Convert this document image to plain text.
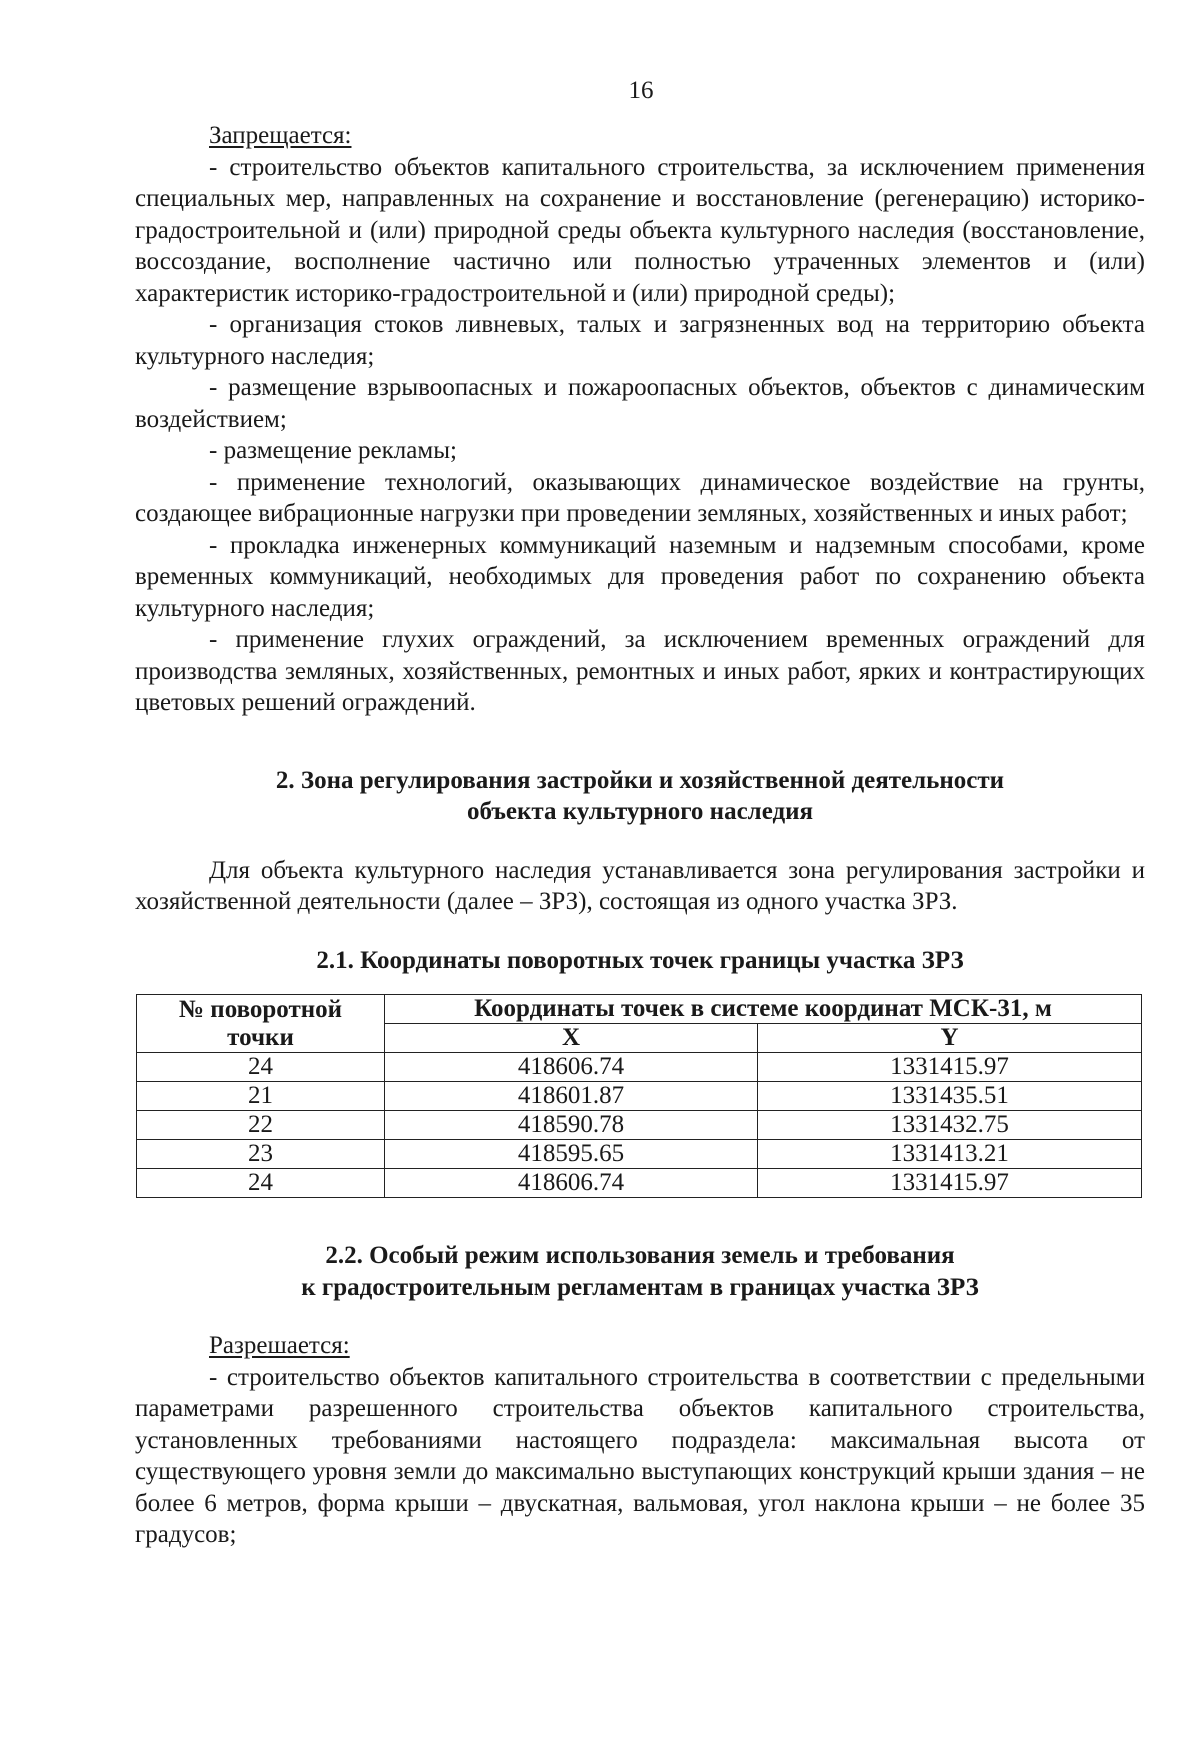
16

Запрещается:

- строительство объектов капитального строительства, за исключением применения специальных мер, направленных на сохранение и восстановление (регенерацию) историко-градостроительной и (или) природной среды объекта культурного наследия (восстановление, воссоздание, восполнение частично или полностью утраченных элементов и (или) характеристик историко-градостроительной и (или) природной среды);

- организация стоков ливневых, талых и загрязненных вод на территорию объекта культурного наследия;

- размещение взрывоопасных и пожароопасных объектов, объектов с динамическим воздействием;

- размещение рекламы;

- применение технологий, оказывающих динамическое воздействие на грунты, создающее вибрационные нагрузки при проведении земляных, хозяйственных и иных работ;

- прокладка инженерных коммуникаций наземным и надземным способами, кроме временных коммуникаций, необходимых для проведения работ по сохранению объекта культурного наследия;

- применение глухих ограждений, за исключением временных ограждений для производства земляных, хозяйственных, ремонтных и иных работ, ярких и контрастирующих цветовых решений ограждений.

2. Зона регулирования застройки и хозяйственной деятельности
объекта культурного наследия

Для объекта культурного наследия устанавливается зона регулирования застройки и хозяйственной деятельности (далее – ЗРЗ), состоящая из одного участка ЗРЗ.

2.1. Координаты поворотных точек границы участка ЗРЗ
№ поворотной
точки	Координаты точек в системе координат МСК-31, м	
	X	Y
24	418606.74	1331415.97
21	418601.87	1331435.51
22	418590.78	1331432.75
23	418595.65	1331413.21
24	418606.74	1331415.97
2.2. Особый режим использования земель и требования
к градостроительным регламентам в границах участка ЗРЗ

Разрешается:

- строительство объектов капитального строительства в соответствии с предельными параметрами разрешенного строительства объектов капитального строительства, установленных требованиями настоящего подраздела: максимальная высота от существующего уровня земли до максимально выступающих конструкций крыши здания – не более 6 метров, форма крыши – двускатная, вальмовая, угол наклона крыши – не более 35 градусов;
